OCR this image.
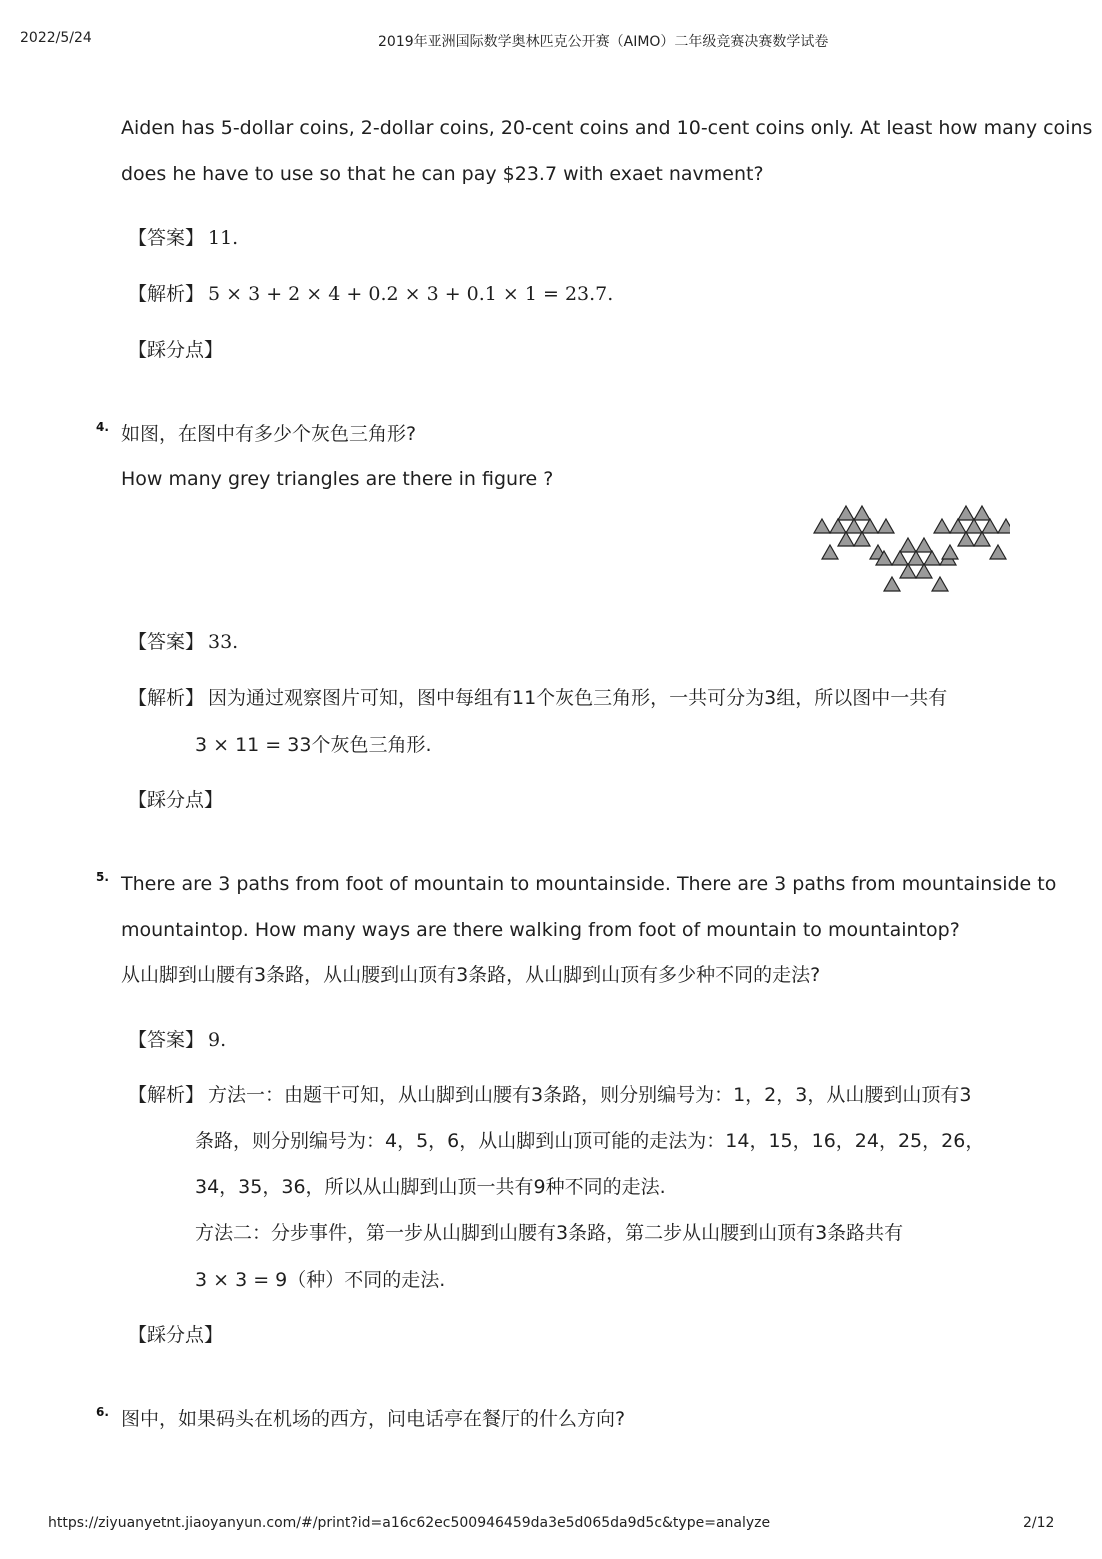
2022/5/24	2019年亚洲国际数学奥林匹克公开赛（AIMO）二年级竞赛决赛数学试卷
Aiden has 5-dollar coins, 2-dollar coins, 20-cent coins and 10-cent coins only. At least how many coins
does he have to use so that he can pay $23.7 with exaet navment?
【答案】 11.
【解析】 5 × 3 + 2 × 4 + 0.2 × 3 + 0.1 × 1 = 23.7.
【踩分点】
4. 如图，在图中有多少个灰色三角形?
How many grey triangles are there in figure ?
【答案】 33.
【解析】 因为通过观察图片可知，图中每组有11个灰色三角形，一共可分为3组，所以图中一共有
3 × 11 = 33个灰色三角形.
【踩分点】
5. There are 3 paths from foot of mountain to mountainside. There are 3 paths from mountainside to
mountaintop. How many ways are there walking from foot of mountain to mountaintop?
从山脚到山腰有3条路，从山腰到山顶有3条路，从山脚到山顶有多少种不同的走法?
【答案】 9.
【解析】 方法一：由题干可知，从山脚到山腰有3条路，则分别编号为：1，2，3，从山腰到山顶有3
条路，则分别编号为：4，5，6，从山脚到山顶可能的走法为：14，15，16，24，25，26，
34，35，36，所以从山脚到山顶一共有9种不同的走法.
方法二：分步事件，第一步从山脚到山腰有3条路，第二步从山腰到山顶有3条路共有
3 × 3 = 9（种）不同的走法.
【踩分点】
6. 图中，如果码头在机场的西方，问电话亭在餐厅的什么方向?
https://ziyuanyetnt.jiaoyanyun.com/#/print?id=a16c62ec500946459da3e5d065da9d5c&type=analyze	2/12
